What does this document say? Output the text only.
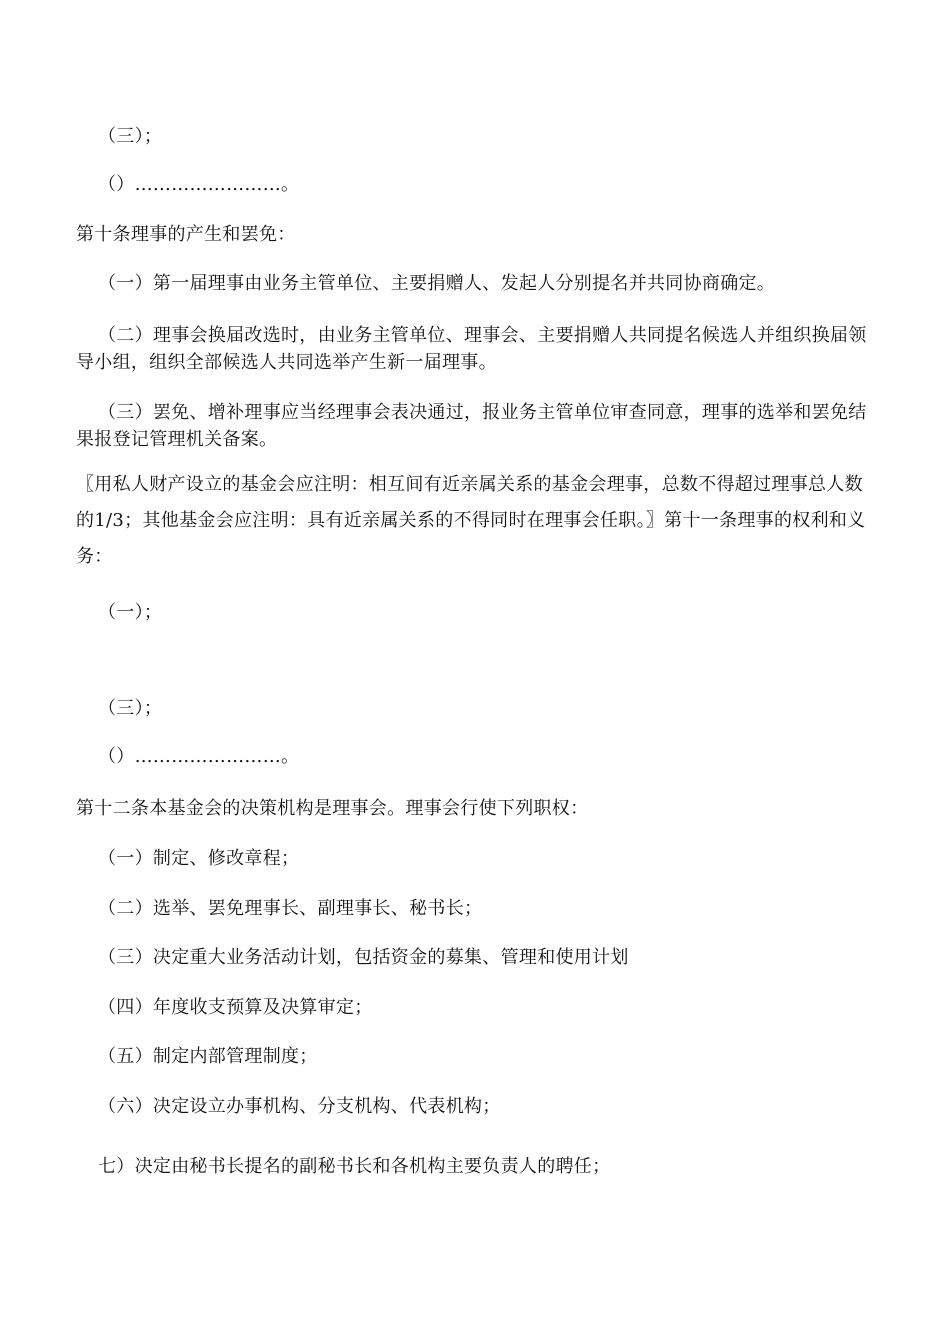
（三）；
（）……………………。
第十条理事的产生和罢免：
（一）第一届理事由业务主管单位、主要捐赠人、发起人分别提名并共同协商确定。
（二）理事会换届改选时，由业务主管单位、理事会、主要捐赠人共同提名候选人并组织换届领导小组，组织全部候选人共同选举产生新一届理事。
（三）罢免、增补理事应当经理事会表决通过，报业务主管单位审查同意，理事的选举和罢免结果报登记管理机关备案。
〖用私人财产设立的基金会应注明：相互间有近亲属关系的基金会理事，总数不得超过理事总人数的1/3；其他基金会应注明：具有近亲属关系的不得同时在理事会任职。〗第十一条理事的权利和义务：
（一）；
（三）；
（）……………………。
第十二条本基金会的决策机构是理事会。理事会行使下列职权：
（一）制定、修改章程；
（二）选举、罢免理事长、副理事长、秘书长；
（三）决定重大业务活动计划，包括资金的募集、管理和使用计划
（四）年度收支预算及决算审定；
（五）制定内部管理制度；
（六）决定设立办事机构、分支机构、代表机构；
七）决定由秘书长提名的副秘书长和各机构主要负责人的聘任；
